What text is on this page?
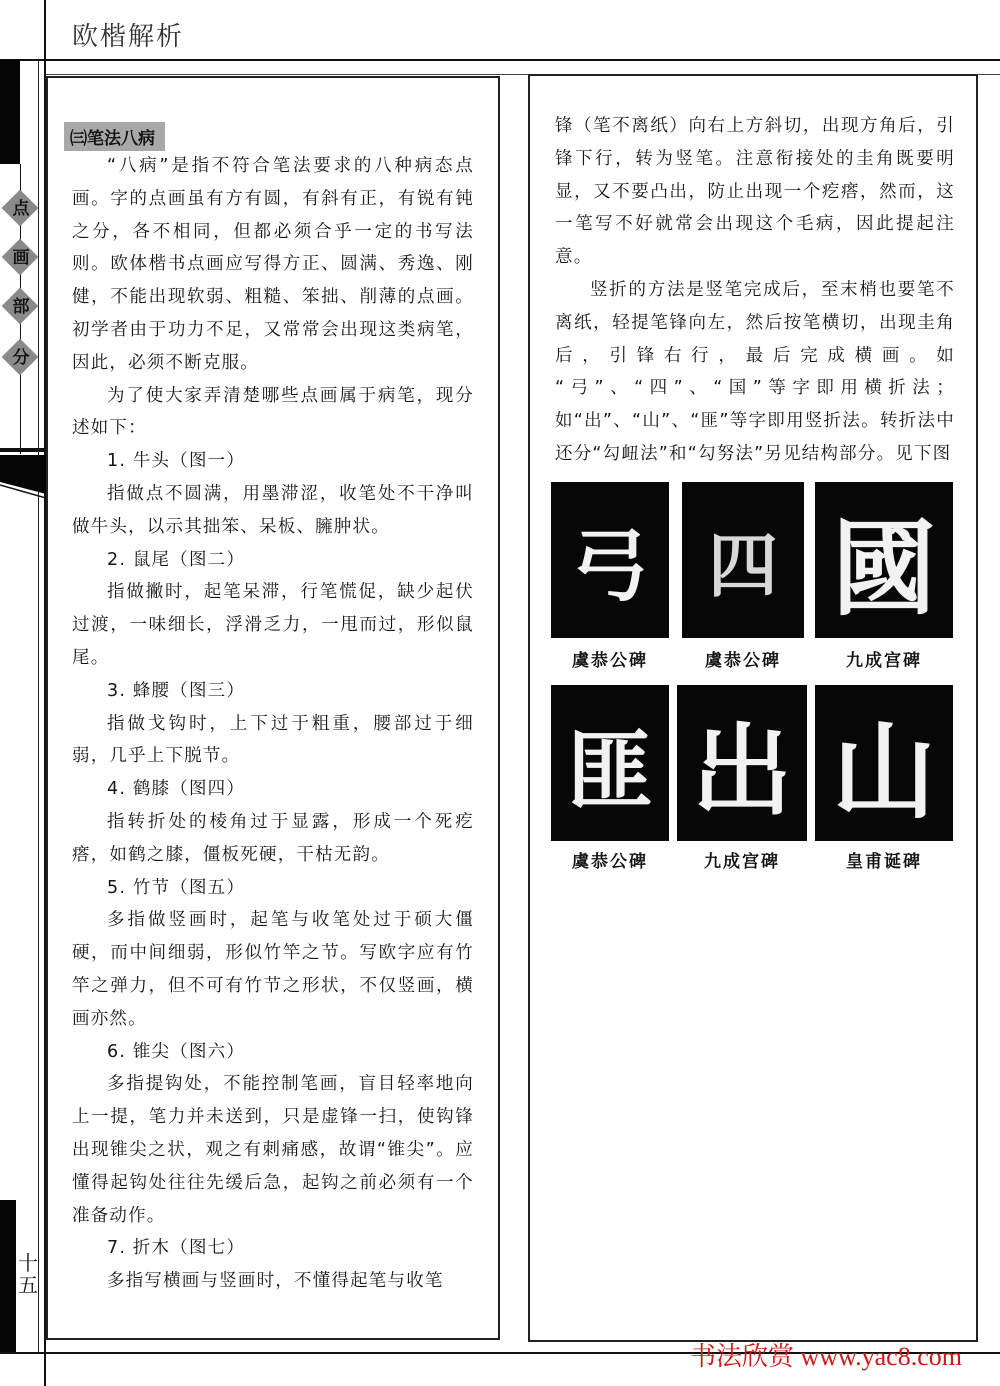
欧楷解析
点
画
部
分
十
五
㈢笔法八病

“八病”是指不符合笔法要求的八种病态点画。字的点画虽有方有圆，有斜有正，有锐有钝之分，各不相同，但都必须合乎一定的书写法则。欧体楷书点画应写得方正、圆满、秀逸、刚健，不能出现软弱、粗糙、笨拙、削薄的点画。初学者由于功力不足，又常常会出现这类病笔，因此，必须不断克服。

为了使大家弄清楚哪些点画属于病笔，现分述如下：

1. 牛头（图一）

指做点不圆满，用墨滞涩，收笔处不干净叫做牛头，以示其拙笨、呆板、臃肿状。

2. 鼠尾（图二）

指做撇时，起笔呆滞，行笔慌促，缺少起伏过渡，一味细长，浮滑乏力，一甩而过，形似鼠尾。

3. 蜂腰（图三）

指做戈钩时，上下过于粗重，腰部过于细弱，几乎上下脱节。

4. 鹤膝（图四）

指转折处的棱角过于显露，形成一个死疙瘩，如鹤之膝，僵板死硬，干枯无韵。

5. 竹节（图五）

多指做竖画时，起笔与收笔处过于硕大僵硬，而中间细弱，形似竹竿之节。写欧字应有竹竿之弹力，但不可有竹节之形状，不仅竖画，横画亦然。

6. 锥尖（图六）

多指提钩处，不能控制笔画，盲目轻率地向上一提，笔力并未送到，只是虚锋一扫，使钩锋出现锥尖之状，观之有刺痛感，故谓“锥尖”。应懂得起钩处往往先缓后急，起钩之前必须有一个准备动作。

7. 折木（图七）

多指写横画与竖画时，不懂得起笔与收笔

锋（笔不离纸）向右上方斜切，出现方角后，引锋下行，转为竖笔。注意衔接处的圭角既要明显，又不要凸出，防止出现一个疙瘩，然而，这一笔写不好就常会出现这个毛病，因此提起注意。

竖折的方法是竖笔完成后，至末梢也要笔不离纸，轻提笔锋向左，然后按笔横切，出现圭角后，引锋右行，最后完成横画。如 “弓”、“四”、“国”等字即用横折法；如“出”、“山”、“匪”等字即用竖折法。转折法中还分“勾衄法”和“勾努法”另见结构部分。见下图

弓
虞恭公碑
四
虞恭公碑
國
九成宫碑
匪
虞恭公碑
出
九成宫碑
山
皇甫诞碑
书法欣赏 www.yac8.com
